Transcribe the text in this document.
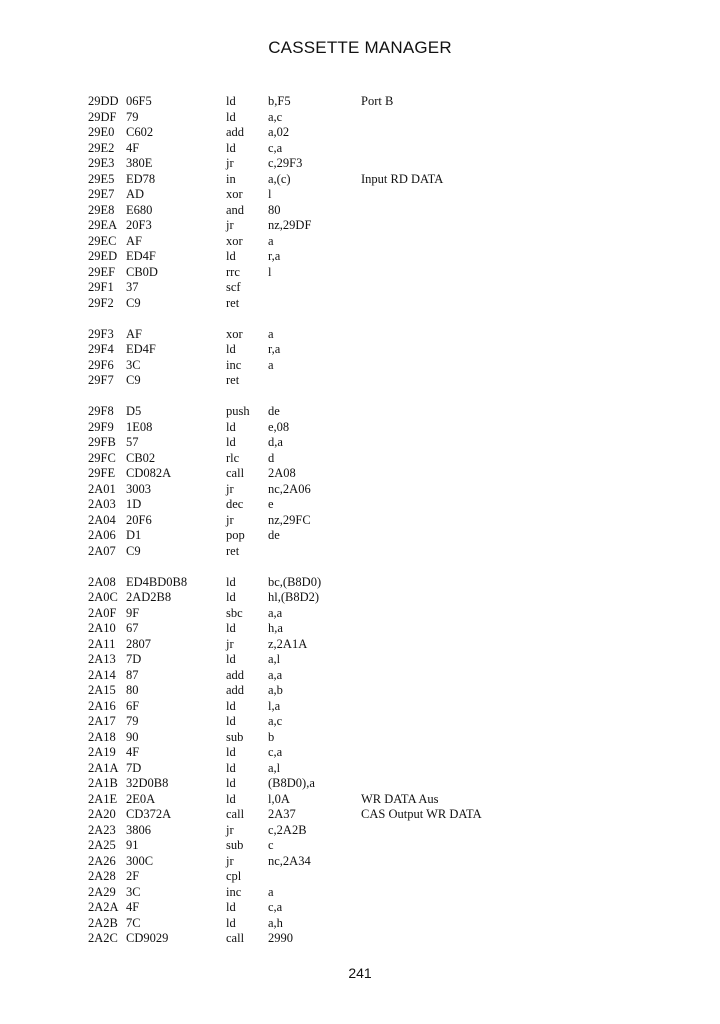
CASSETTE MANAGER
29DD 06F5	ld	b,F5	Port B
29DF 79	ld	a,c
29E0 C602	add a,02
29E2 4F	ld	c,a
29E3 380E	jr	c,29F3
29E5 ED78	in	a,(c)	Input RD DATA
29E7 AD	xor l
29E8 E680	and 80
29EA 20F3	jr	nz,29DF
29EC AF	xor a
29ED ED4F	ld	r,a
29EF CB0D	rrc l
29F1 37	scf
29F2 C9	ret
29F3 AF	xor a
29F4 ED4F	ld	r,a
29F6 3C	inc a
29F7 C9	ret
29F8 D5	push de
29F9 1E08	ld	e,08
29FB 57	ld	d,a
29FC CB02	rlc d
29FE CD082A	call 2A08
2A01 3003	jr	nc,2A06
2A03 1D	dec e
2A04 20F6	jr	nz,29FC
2A06 D1	pop de
2A07 C9	ret
2A08 ED4BD0B8	ld	bc,(B8D0)
2A0C 2AD2B8	ld	hl,(B8D2)
2A0F 9F	sbc a,a
2A10 67	ld	h,a
2A11 2807	jr	z,2A1A
2A13 7D	ld	a,l
2A14 87	add a,a
2A15 80	add a,b
2A16 6F	ld	l,a
2A17 79	ld	a,c
2A18 90	sub b
2A19 4F	ld	c,a
2A1A 7D	ld	a,l
2A1B 32D0B8	ld	(B8D0),a
2A1E 2E0A	ld	l,0A	WR DATA Aus
2A20 CD372A	call 2A37	CAS Output WR DATA
2A23 3806	jr	c,2A2B
2A25 91	sub c
2A26 300C	jr	nc,2A34
2A28 2F	cpl
2A29 3C	inc a
2A2A 4F	ld	c,a
2A2B 7C	ld	a,h
2A2C CD9029	call 2990
241
